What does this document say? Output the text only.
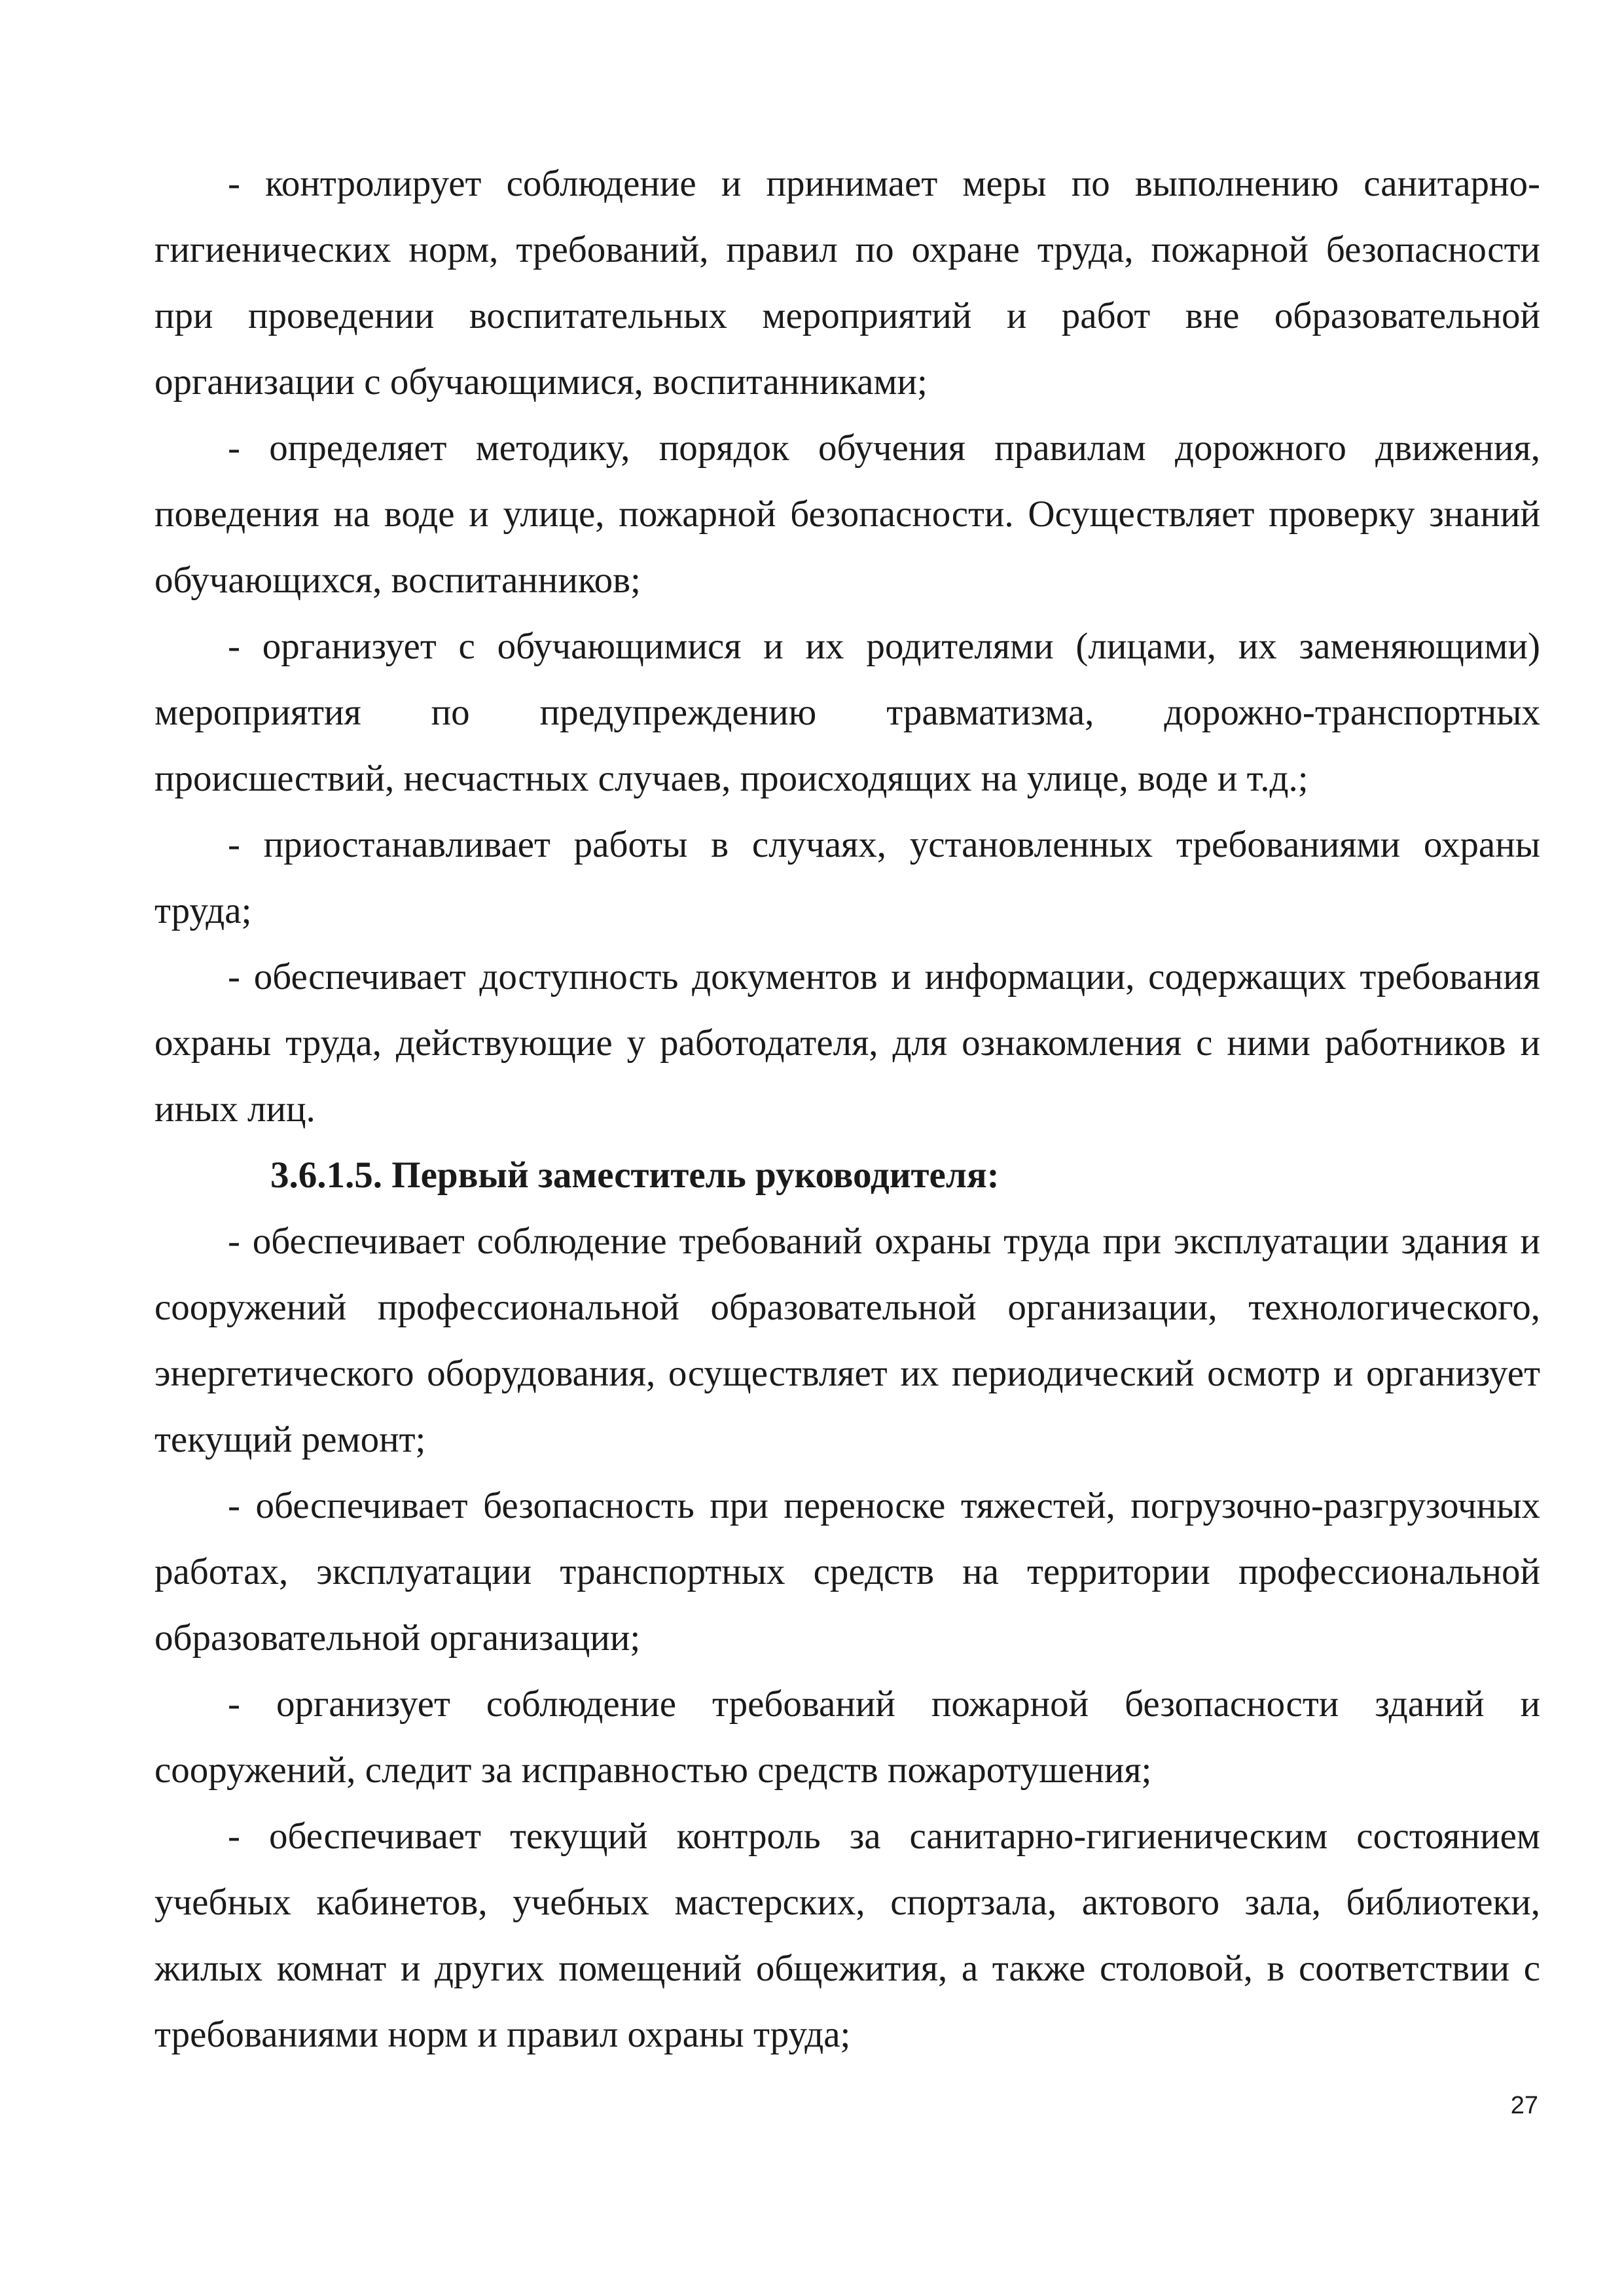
- контролирует соблюдение и принимает меры по выполнению санитарно-гигиенических норм, требований, правил по охране труда, пожарной безопасности при проведении воспитательных мероприятий и работ вне образовательной организации с обучающимися, воспитанниками;

- определяет методику, порядок обучения правилам дорожного движения, поведения на воде и улице, пожарной безопасности. Осуществляет проверку знаний обучающихся, воспитанников;

- организует с обучающимися и их родителями (лицами, их заменяющими) мероприятия по предупреждению травматизма, дорожно-транспортных происшествий, несчастных случаев, происходящих на улице, воде и т.д.;

- приостанавливает работы в случаях, установленных требованиями охраны труда;

- обеспечивает доступность документов и информации, содержащих требования охраны труда, действующие у работодателя, для ознакомления с ними работников и иных лиц.

3.6.1.5. Первый заместитель руководителя:

- обеспечивает соблюдение требований охраны труда при эксплуатации здания и сооружений профессиональной образовательной организации, технологического, энергетического оборудования, осуществляет их периодический осмотр и организует текущий ремонт;

- обеспечивает безопасность при переноске тяжестей, погрузочно-разгрузочных работах, эксплуатации транспортных средств на территории профессиональной образовательной организации;

- организует соблюдение требований пожарной безопасности зданий и сооружений, следит за исправностью средств пожаротушения;

- обеспечивает текущий контроль за санитарно-гигиеническим состоянием учебных кабинетов, учебных мастерских, спортзала, актового зала, библиотеки, жилых комнат и других помещений общежития, а также столовой, в соответствии с требованиями норм и правил охраны труда;

27
